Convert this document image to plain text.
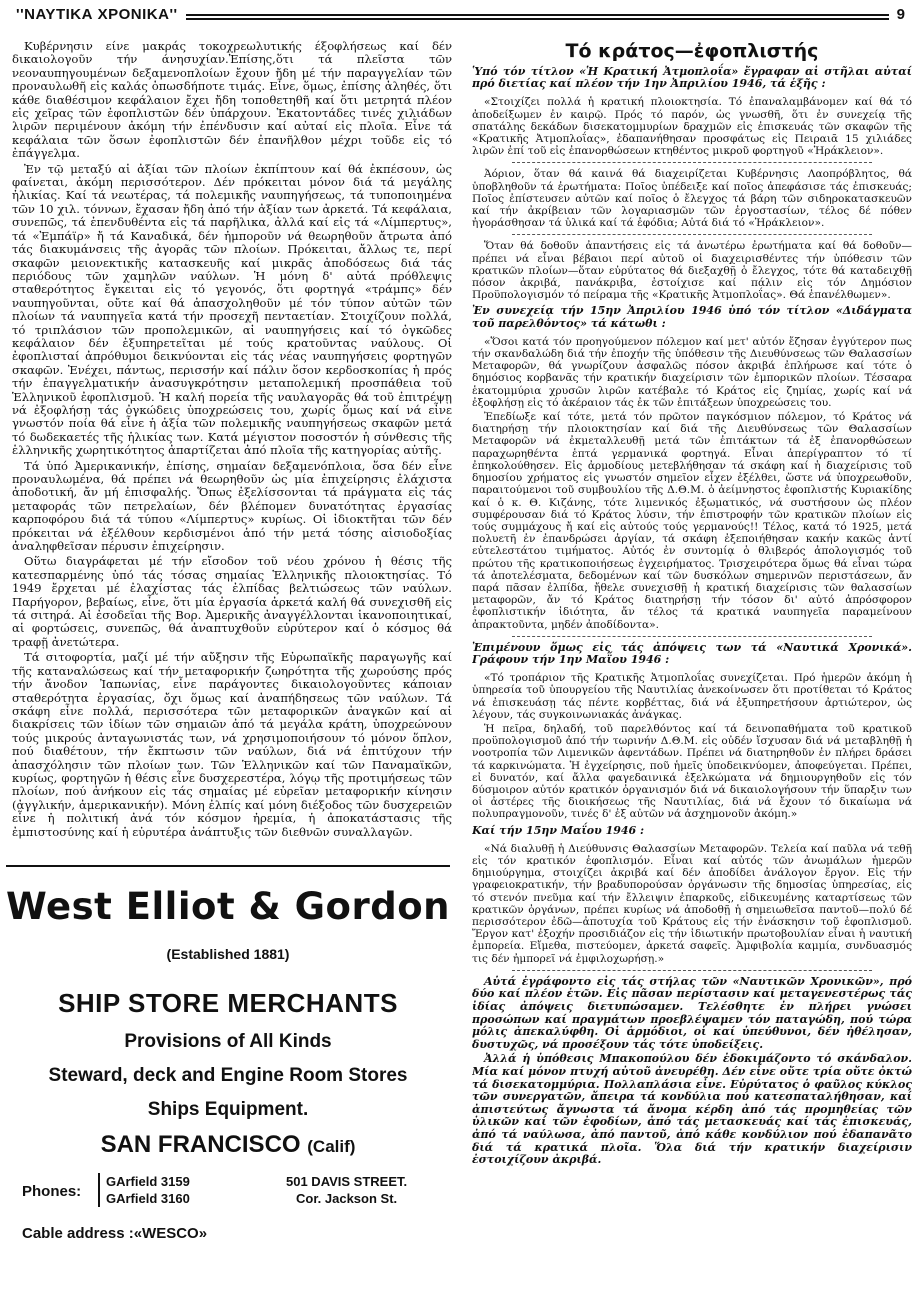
''ΝΑΥΤΙΚΑ ΧΡΟΝΙΚΑ''	9

Κυβέρνησιν είνε μακράς τοκοχρεωλυτικής έξοφλήσεως καί δέν δικαιολογοῦν τήν άνησυχίαν.Ἐπίσης,ὅτι τά πλεῖστα τῶν νεοναυπηγουμένων δεξαμενοπλοίων ἔχουν ἤδη μέ τήν παραγγελίαν τῶν προναυλωθῆ εἰς καλάς ὁπωσδήποτε τιμάς. Εἶνε, ὅμως, ἐπίσης ἀληθές, ὅτι κάθε διαθέσιμον κεφάλαιον ἔχει ἤδη τοποθετηθῆ καί ὅτι μετρητά πλέον εἰς χεῖρας τῶν ἐφοπλιστῶν δέν ὑπάρχουν. Ἑκατοντάδες τινές χιλιάδων λιρῶν περιμένουν ἀκόμη τήν ἐπένδυσιν καί αὐταί εἰς πλοῖα. Εἶνε τά κεφάλαια τῶν ὅσων ἐφοπλιστῶν δέν ἐπανῆλθον μέχρι τοῦδε εἰς τό ἐπάγγελμα.

Ἐν τῷ μεταξύ αἱ ἀξίαι τῶν πλοίων ἐκπίπτουν καί θά ἐκπέσουν, ὡς φαίνεται, ἀκόμη περισσότερον. Δέν πρόκειται μόνον διά τά μεγάλης ἡλικίας. Καί τά νεωτέρας, τά πολεμικῆς ναυπηγήσεως, τά τυποποιημένα τῶν 10 χιλ. τόννων, ἔχασαν ἤδη ἀπό τήν ἀξίαν των ἀρκετά. Τά κεφάλαια, συνεπῶς, τά ἐπενδυθέντα εἰς τά παρῆλικα, ἀλλά καί εἰς τά «Λίμπερτυς», τά «Ἐμπάϊρ» ἤ τά Καναδικά, δέν ἠμποροῦν νά θεωρηθοῦν ἄτρωτα ἀπό τάς διακυμάνσεις τῆς ἀγορᾶς τῶν πλοίων. Πρόκειται, ἄλλως τε, περί σκαφῶν μειονεκτικῆς κατασκευῆς καί μικρᾶς ἀποδόσεως διά τάς περιόδους τῶν χαμηλῶν ναύλων. Ἡ μόνη δ' αὐτά πρόθλεψις σταθερότητος ἔγκειται εἰς τό γεγονός, ὅτι φορτηγά «τράμπς» δέν ναυπηγοῦνται, οὔτε καί θά ἀπασχοληθοῦν μέ τόν τύπον αὐτῶν τῶν πλοίων τά ναυπηγεῖα κατά τήν προσεχῆ πενταετίαν. Στοιχίζουν πολλά, τό τριπλάσιον τῶν προπολεμικῶν, αἱ ναυπηγήσεις καί τό ὀγκῶδες κεφάλαιον δέν ἐξυπηρετεῖται μέ τούς κρατοῦντας ναύλους. Οἱ ἐφοπλισταί ἀπρόθυμοι δεικνύονται εἰς τάς νέας ναυπηγήσεις φορτηγῶν σκαφῶν. Ἐνέχει, πάντως, περισσήν καί πάλιν ὅσον κερδοσκοπίας ἡ πρός τήν ἐπαγγελματικήν ἀνασυγκρότησιν μεταπολεμική προσπάθεια τοῦ Ἑλληνικοῦ ἐφοπλισμοῦ. Ἡ καλή πορεία τῆς ναυλαγορᾶς θά τοῦ ἐπιτρέψῃ νά ἐξοφλήσῃ τάς ὀγκώδεις ὑποχρεώσεις του, χωρίς ὅμως καί νά εἶνε γνωστόν ποία θά εἶνε ἡ ἀξία τῶν πολεμικῆς ναυπηγήσεως σκαφῶν μετά τό δωδεκαετές τῆς ἡλικίας των. Κατά μέγιστον ποσοστόν ἡ σύνθεσις τῆς ἑλληνικῆς χωρητικότητος ἀπαρτίζεται ἀπό πλοῖα τῆς κατηγορίας αὐτῆς.

Τά ὑπό Ἀμερικανικήν, ἐπίσης, σημαίαν δεξαμενόπλοια, ὅσα δέν εἶνε προναυλωμένα, θά πρέπει νά θεωρηθοῦν ὡς μία ἐπιχείρησις ἐλάχιστα ἀποδοτική, ἄν μή ἐπισφαλής. Ὅπως ἐξελίσσονται τά πράγματα εἰς τάς μεταφοράς τῶν πετρελαίων, δέν βλέπομεν δυνατότητας ἐργασίας καρποφόρου διά τά τύπου «Λίμπερτυς» κυρίως. Οἱ ἰδιοκτῆται τῶν δέν πρόκειται νά ἐξέλθουν κερδισμένοι ἀπό τήν μετά τόσης αἰσιοδοξίας ἀναληφθεῖσαν πέρυσιν ἐπιχείρησιν.

Οὕτω διαγράφεται μέ τήν εἴσοδον τοῦ νέου χρόνου ἡ θέσις τῆς κατεσπαρμένης ὑπό τάς τόσας σημαίας Ἑλληνικῆς πλοιοκτησίας. Τό 1949 ἔρχεται μέ ἐλαχίστας τάς ἐλπίδας βελτιώσεως τῶν ναύλων. Παρήγορον, βεβαίως, εἶνε, ὅτι μία ἐργασία ἀρκετά καλή θά συνεχισθῆ εἰς τά σιτηρά. Αἱ ἐσοδεῖαι τῆς Βορ. Ἀμερικῆς ἀναγγέλλονται ἱκανοποιητικαί, αἱ φορτώσεις, συνεπῶς, θά ἀναπτυχθοῦν εὐρύτερον καί ὁ κόσμος θά τραφῇ ἀνετώτερα.

Τά σιτοφορτία, μαζί μέ τήν αὔξησιν τῆς Εὐρωπαϊκῆς παραγωγῆς καί τῆς καταναλώσεως καί τήν μεταφορικήν ζωηρότητα τῆς χωρούσης πρός τήν ἄνοδον Ἰαπωνίας, εἶνε παράγοντες δικαιολογοῦντες κάποιαν σταθερότητα ἐργασίας, ὄχι ὅμως καί ἀναπήδησεως τῶν ναύλων. Τά σκάφη εἶνε πολλά, περισσότερα τῶν μεταφορικῶν ἀναγκῶν καί αἱ διακρίσεις τῶν ἰδίων τῶν σημαιῶν ἀπό τά μεγάλα κράτη, ὑποχρεώνουν τούς μικρούς ἀνταγωνιστάς των, νά χρησιμοποιήσουν τό μόνον ὅπλον, πού διαθέτουν, τήν ἔκπτωσιν τῶν ναύλων, διά νά ἐπιτύχουν τήν ἀπασχόλησιν τῶν πλοίων των. Τῶν Ἑλληνικῶν καί τῶν Παναμαϊκῶν, κυρίως, φορτηγῶν ἡ θέσις εἶνε δυσχερεστέρα, λόγῳ τῆς προτιμήσεως τῶν πλοίων, πού ἀνήκουν εἰς τάς σημαίας μέ εὐρεῖαν μεταφορικήν κίνησιν (ἀγγλικήν, ἀμερικανικήν). Μόνη ἐλπίς καί μόνη διέξοδος τῶν δυσχερειῶν εἶνε ἡ πολιτική ἀνά τόν κόσμον ἠρεμία, ἡ ἀποκατάστασις τῆς ἐμπιστοσύνης καί ἡ εὐρυτέρα ἀνάπτυξις τῶν διεθνῶν συναλλαγῶν.

West Elliot & Gordon
(Established 1881)
SHIP STORE MERCHANTS
Provisions of All Kinds
Steward, deck and Engine Room Stores
Ships Equipment.
SAN FRANCISCO (Calif)
Phones:
GArfield 3159
GArfield 3160
501 DAVIS STREET.
Cor. Jackson St.
Cable address :«WESCO»
Τό κράτος—ἐφοπλιστής

Ὑπό τόν τίτλον «Ἡ Κρατική Ἀτμοπλοΐα» ἔγραφαν αἱ στῆλαι αὐταί πρό διετίας καί πλέον τήν 1ην Ἀπριλίου 1946, τά ἑξῆς :

«Στοιχίζει πολλά ἡ κρατική πλοιοκτησία. Τό ἐπαναλαμβάνομεν καί θά τό ἀποδείξωμεν ἐν καιρῷ. Πρός τό παρόν, ὡς γνωσθῆ, ὅτι ἐν συνεχείᾳ τῆς σπατάλης δεκάδων δισεκατομμυρίων δραχμῶν εἰς ἐπισκευάς τῶν σκαφῶν τῆς «Κρατικῆς Ἀτμοπλοΐας», ἐδαπανήθησαν προσφάτως εἰς Πειραιᾶ 15 χιλιάδες λιρῶν ἐπί τοῦ εἰς ἐπανορθώσεων κτηθέντος μικροῦ φορτηγοῦ «Ἡράκλειον».

Ἀόριον, ὅταν θά καινά θά διαχειρίζεται Κυβέρνησις Λαοπρόβλητος, θά ὑποβληθοῦν τά ἐρωτήματα: Ποῖος ὑπέδειξε καί ποῖος ἀπεφάσισε τάς ἐπισκευάς; Ποῖος ἐπίστευσεν αὐτῶν καί ποῖος ὁ ἔλεγχος τά βάρη τῶν σιδηροκατασκευῶν καί τήν ἀκρίβειαν τῶν λογαριασμῶν τῶν ἐργοστασίων, τέλος δέ πόθεν ἠγοράσθησαν τά ὑλικά καί τά ἐφόδια; Αὐτά διά τό «Ἡράκλειον».

Ὅταν θά δοθοῦν ἀπαντήσεις εἰς τά ἀνωτέρω ἐρωτήματα καί θά δοθοῦν—πρέπει νά εἶναι βέβαιοι περί αὐτοῦ οἱ διαχειρισθέντες τήν ὑπόθεσιν τῶν κρατικῶν πλοίων—ὅταν εὐρύτατος θά διεξαχθῇ ὁ ἔλεγχος, τότε θά καταδειχθῇ πόσον ἀκριβά, πανάκριβα, ἐστοίχισε καί πάλιν εἰς τόν Δημόσιον Προϋπολογισμόν τό πείραμα τῆς «Κρατικῆς Ἀτμοπλοΐας». Θά ἐπανέλθωμεν».

Ἐν συνεχείᾳ τήν 15ην Ἀπριλίου 1946 ὑπό τόν τίτλον «Διδάγματα τοῦ παρελθόντος» τά κάτωθι :

«Ὅσοι κατά τόν προηγούμενον πόλεμον καί μετ' αὐτόν ἔζησαν ἐγγύτερον πως τήν σκανδαλώδη διά τήν ἐποχήν τῆς ὑπόθεσιν τῆς Διευθύνσεως τῶν Θαλασσίων Μεταφορῶν, θά γνωρίζουν ἀσφαλῶς πόσον ἀκριβά ἐπλήρωσε καί τότε ὁ δημόσιος κορβανᾶς τήν κρατικήν διαχείρισιν τῶν ἐμπορικῶν πλοίων. Τέσσαρα ἑκατομμύρια χρυσῶν λιρῶν κατέβαλε τό Κράτος εἰς ζημίας, χωρίς καί νά ἐξοφλήσῃ εἰς τό ἀκέραιον τάς ἐκ τῶν ἐπιτάξεων ὑποχρεώσεις του.

Ἐπεδίωξε καί τότε, μετά τόν πρῶτον παγκόσμιον πόλεμον, τό Κράτος νά διατηρήσῃ τήν πλοιοκτησίαν καί διά τῆς Διευθύνσεως τῶν Θαλασσίων Μεταφορῶν νά ἐκμεταλλευθῇ μετά τῶν ἐπιτάκτων τά ἐξ ἐπανορθώσεων παραχωρηθέντα ἑπτά γερμανικά φορτηγά. Εἶναι ἀπερίγραπτον τό τί ἐπηκολούθησεν. Εἰς ἀρμοδίους μετεβλήθησαν τά σκάφη καί ἡ διαχείρισις τοῦ δημοσίου χρήματος εἰς γνωστόν σημεῖον εἶχεν ἐξέλθει, ὥστε νά ὑποχρεωθοῦν, παραιτούμενοι τοῦ συμβουλίου τῆς Δ.Θ.Μ. ὁ ἀείμνηστος ἐφοπλιστής Κυριακίδης καί ὁ κ. Θ. Κιζάνης, τότε λιμενικός ἐξωματικός, νά συστήσουν ὡς πλέον συμφέρουσαν διά τό Κράτος λύσιν, τήν ἐπιστροφήν τῶν κρατικῶν πλοίων εἰς τούς συμμάχους ἤ καί εἰς αὐτούς τούς γερμανούς!! Τέλος, κατά τό 1925, μετά πολυετῆ ἐν ἐπανδρώσει ἀργίαν, τά σκάφη ἐξεποιήθησαν κακήν κακῶς ἀντί εὐτελεστάτου τιμήματος. Αὐτός ἐν συντομίᾳ ὁ θλιβερός ἀπολογισμός τοῦ πρώτου τῆς κρατικοποιήσεως ἐγχειρήματος. Τρισχειρότερα ὅμως θά εἶναι τώρα τά ἀποτελέσματα, δεδομένων καί τῶν δυσκόλων σημερινῶν περιστάσεων, ἄν παρά πᾶσαν ἐλπίδα, ἤθελε συνεχισθῇ ἡ κρατική διαχείρισις τῶν θαλασσίων μεταφορῶν, ἄν τό Κράτος διατηρήσῃ τήν τόσον δι' αὐτό ἀπρόσφορον ἐφοπλιστικήν ἰδιότητα, ἄν τέλος τά κρατικά ναυπηγεῖα παραμείνουν ἀπρακτοῦντα, μηδέν ἀποδίδοντα».

Ἐπιμένουν ὅμως εἰς τάς ἀπόψεις των τά «Ναυτικά Χρονικά». Γράφουν τήν 1ην Μαΐου 1946 :

«Τό τροπάριον τῆς Κρατικῆς Ἀτμοπλοΐας συνεχίζεται. Πρό ἡμερῶν ἀκόμη ἡ ὑπηρεσία τοῦ ὑπουργείου τῆς Ναυτιλίας ἀνεκοίνωσεν ὅτι προτίθεται τό Κράτος νά ἐπισκευάσῃ τάς πέντε κορβέττας, διά νά ἐξυπηρετήσουν ἀρτιώτερον, ὡς λέγουν, τάς συγκοινωνιακάς ἀνάγκας.

Ἡ πεῖρα, δηλαδή, τοῦ παρελθόντος καί τά δεινοπαθήματα τοῦ κρατικοῦ προϋπολογισμοῦ ἀπό τήν τωρινήν Δ.Θ.Μ. εἰς οὐδέν ἴσχυσαν διά νά μεταβληθῇ ἡ νοοτροπία τῶν Λιμενικῶν ἀφεντάδων. Πρέπει νά διατηρηθοῦν ἐν πλήρει δράσει τά καρκινώματα. Ἡ ἐγχείρησις, ποῦ ἡμεῖς ὑποδεικνύομεν, ἀποφεύγεται. Πρέπει, εἰ δυνατόν, καί ἄλλα φαγεδαινικά ἐξελκώματα νά δημιουργηθοῦν εἰς τόν δύσμοιρον αὐτόν κρατικόν ὀργανισμόν διά νά δικαιολογήσουν τήν ὕπαρξιν των οἱ ἀστέρες τῆς διοικήσεως τῆς Ναυτιλίας, διά νά ἔχουν τό δικαίωμα νά πολυπραγμονοῦν, τινές δ' ἐξ αὐτῶν νά ἀσχημονοῦν ἀκόμη.»

Καί τήν 15ην Μαΐου 1946 :

«Νά διαλυθῇ ἡ Διεύθυνσις Θαλασσίων Μεταφορῶν. Τελεία καί παῦλα νά τεθῇ εἰς τόν κρατικόν ἐφοπλισμόν. Εἶναι καί αὐτός τῶν ἀνωμάλων ἡμερῶν δημιούργημα, στοιχίζει ἀκριβά καί δέν ἀποδίδει ἀνάλογον ἔργον. Εἰς τήν γραφειοκρατικήν, τήν βραδυπορούσαν ὀργάνωσιν τῆς δημοσίας ὑπηρεσίας, εἰς τό στενόν πνεῦμα καί τήν ἔλλειψιν ἐπαρκοῦς, εἰδικευμένης καταρτίσεως τῶν κρατικῶν ὀργάνων, πρέπει κυρίως νά ἀποδοθῇ ἡ σημειωθεῖσα παντοῦ—πολύ δέ περισσότερον ἐδῶ—ἀποτυχία τοῦ Κράτους εἰς τήν ἐνάσκησιν τοῦ ἐφοπλισμοῦ. Ἔργον κατ' ἐξοχήν προσιδιάζον εἰς τήν ἰδιωτικήν πρωτοβουλίαν εἶναι ἡ ναυτική ἐμπορεία. Εἴμεθα, πιστεύομεν, ἀρκετά σαφεῖς. Ἀμφιβολία καμμία, συνδυασμός τις δέν ἠμπορεῖ νά ἐμφιλοχωρήσῃ.»

Αὐτά ἐγράφοντο εἰς τάς στήλας τῶν «Ναυτικῶν Χρονικῶν», πρό δύο καί πλέον ἐτῶν. Εἰς πᾶσαν περίστασιν καί μεταγενεστέρως τάς ἰδίας ἀπόψεις διετυπώσαμεν. Τελέσθητε ἐν πλήρει γνώσει προσώπων καί πραγμάτων προεβλέψαμεν τόν παταγώδη, πού τώρα μόλις ἀπεκαλύφθη. Οἱ ἁρμόδιοι, οἱ καί ὑπεύθυνοι, δέν ἠθέλησαν, δυστυχῶς, νά προσέξουν τάς τότε ὑποδείξεις.

Ἀλλά ἡ ὑπόθεσις Μπακοπούλου δέν ἐδοκιμάζοντο τό σκάνδαλον. Μία καί μόνον πτυχή αὐτοῦ ἀνευρέθη. Δέν εἶνε οὔτε τρία οὔτε ὀκτώ τά δισεκατομμύρια. Πολλαπλάσια εἶνε. Εὐρύτατος ὁ φαῦλος κύκλος τῶν συνεργατῶν, ἄπειρα τά κονδύλια πού κατεσπαταλήθησαν, καί ἀπιστεύτως ἄγνωστα τά ἄνομα κέρδη ἀπό τάς προμηθείας τῶν ὑλικῶν καί τῶν ἐφοδίων, ἀπό τάς μετασκευάς καί τάς ἐπισκευάς, ἀπό τά ναύλωσα, ἀπό παντοῦ, ἀπό κάθε κονδύλιον πού ἐδαπανᾶτο διά τά κρατικά πλοῖα. Ὅλα διά τήν κρατικήν διαχείρισιν ἐστοιχίζουν ἀκριβά.
